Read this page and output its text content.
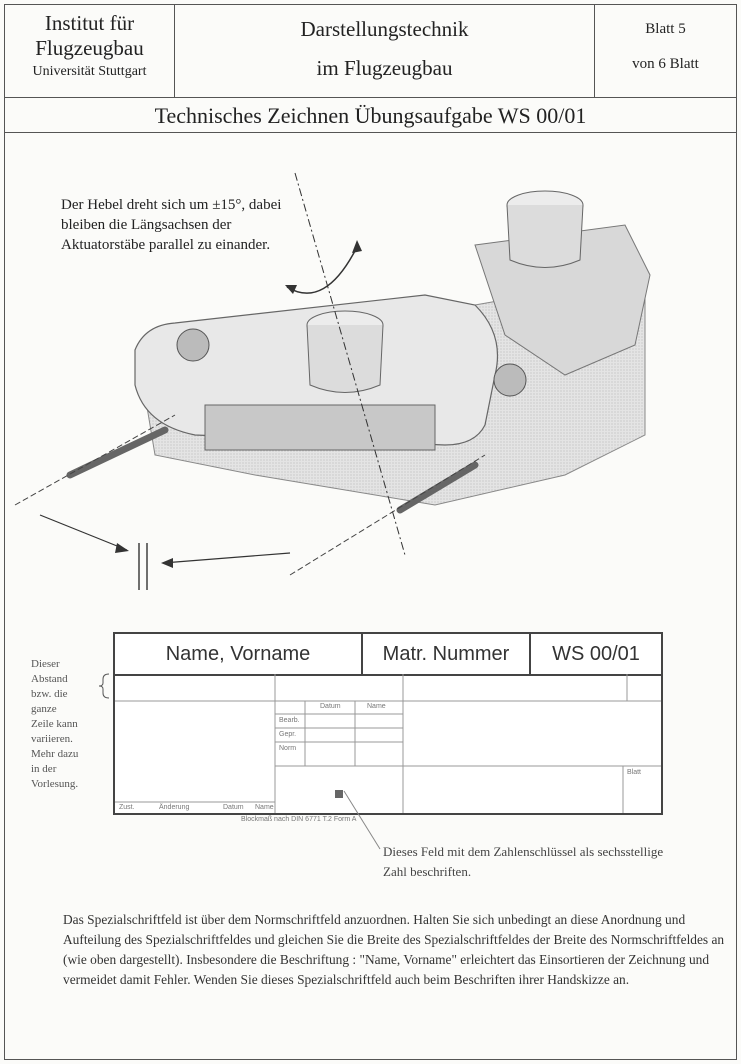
Institut für
Flugzeugbau
Universität Stuttgart
Darstellungstechnik
im Flugzeugbau
Blatt 5
von 6 Blatt
Technisches Zeichnen Übungsaufgabe WS 00/01
Der Hebel dreht sich um ±15°, dabei bleiben die Längsachsen der Aktuatorstäbe parallel zu einander.
Dieser Abstand bzw. die ganze Zeile kann variieren. Mehr dazu in der Vorlesung.
Name, Vorname	Matr. Nummer	WS 00/01
Datum	Name
Bearb.
Gepr.
Norm
Blatt
Zust.	Änderung	Datum Name
Blockmaß nach DIN 6771 T.2 Form A
Dieses Feld mit dem Zahlenschlüssel als sechsstellige Zahl beschriften.
Das Spezialschriftfeld ist über dem Normschriftfeld anzuordnen. Halten Sie sich unbedingt an diese Anordnung und Aufteilung des Spezialschriftfeldes und gleichen Sie die Breite des Spezialschriftfeldes der Breite des Normschriftfeldes an (wie oben dargestellt). Insbesondere die Beschriftung : "Name, Vorname" erleichtert das Einsortieren der Zeichnung und vermeidet damit Fehler. Wenden Sie dieses Spezialschriftfeld auch beim Beschriften ihrer Handskizze an.
